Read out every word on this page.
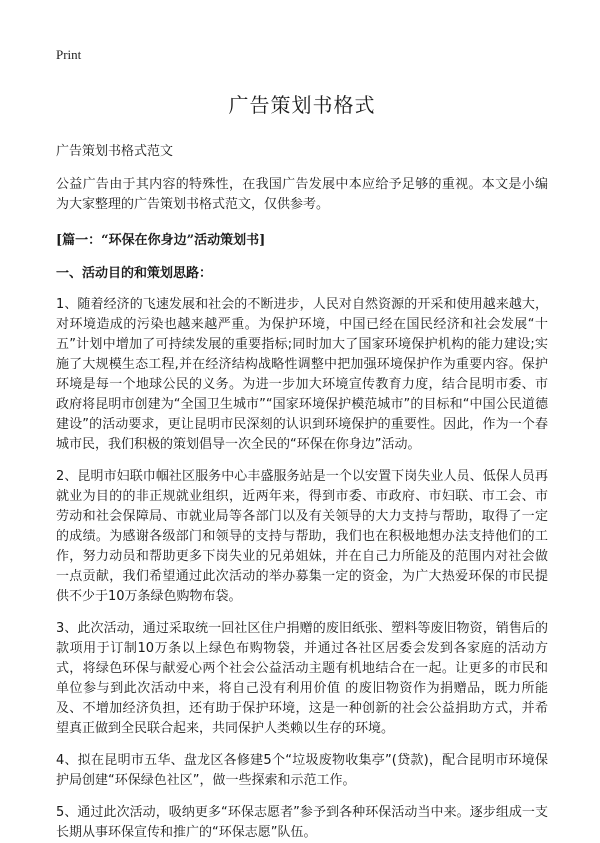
Print
广告策划书格式
广告策划书格式范文

公益广告由于其内容的特殊性，在我国广告发展中本应给予足够的重视。本文是小编为大家整理的广告策划书格式范文，仅供参考。

[篇一：“环保在你身边”活动策划书]
一、活动目的和策划思路：

1、随着经济的飞速发展和社会的不断进步，人民对自然资源的开采和使用越来越大，对环境造成的污染也越来越严重。为保护环境，中国已经在国民经济和社会发展“十五”计划中增加了可持续发展的重要指标;同时加大了国家环境保护机构的能力建设;实施了大规模生态工程,并在经济结构战略性调整中把加强环境保护作为重要内容。保护环境是每一个地球公民的义务。为进一步加大环境宣传教育力度，结合昆明市委、市政府将昆明市创建为“全国卫生城市”“国家环境保护模范城市”的目标和“中国公民道德建设”的活动要求，更让昆明市民深刻的认识到环境保护的重要性。因此，作为一个春城市民，我们积极的策划倡导一次全民的“环保在你身边”活动。

2、昆明市妇联巾帼社区服务中心丰盛服务站是一个以安置下岗失业人员、低保人员再就业为目的的非正规就业组织，近两年来，得到市委、市政府、市妇联、市工会、市劳动和社会保障局、市就业局等各部门以及有关领导的大力支持与帮助，取得了一定的成绩。为感谢各级部门和领导的支持与帮助，我们也在积极地想办法支持他们的工作，努力动员和帮助更多下岗失业的兄弟姐妹，并在自己力所能及的范围内对社会做一点贡献，我们希望通过此次活动的举办募集一定的资金，为广大热爱环保的市民提供不少于10万条绿色购物布袋。

3、此次活动，通过采取统一回社区住户捐赠的废旧纸张、塑料等废旧物资，销售后的款项用于订制10万条以上绿色布购物袋，并通过各社区居委会发到各家庭的活动方式，将绿色环保与献爱心两个社会公益活动主题有机地结合在一起。让更多的市民和单位参与到此次活动中来，将自己没有利用价值 的废旧物资作为捐赠品，既力所能及、不增加经济负担，还有助于保护环境，这是一种创新的社会公益捐助方式，并希望真正做到全民联合起来，共同保护人类赖以生存的环境。

4、拟在昆明市五华、盘龙区各修建5个“垃圾废物收集亭”(贷款)，配合昆明市环境保护局创建“环保绿色社区”，做一些探索和示范工作。

5、通过此次活动，吸纳更多“环保志愿者”参予到各种环保活动当中来。逐步组成一支长期从事环保宣传和推广的“环保志愿”队伍。
